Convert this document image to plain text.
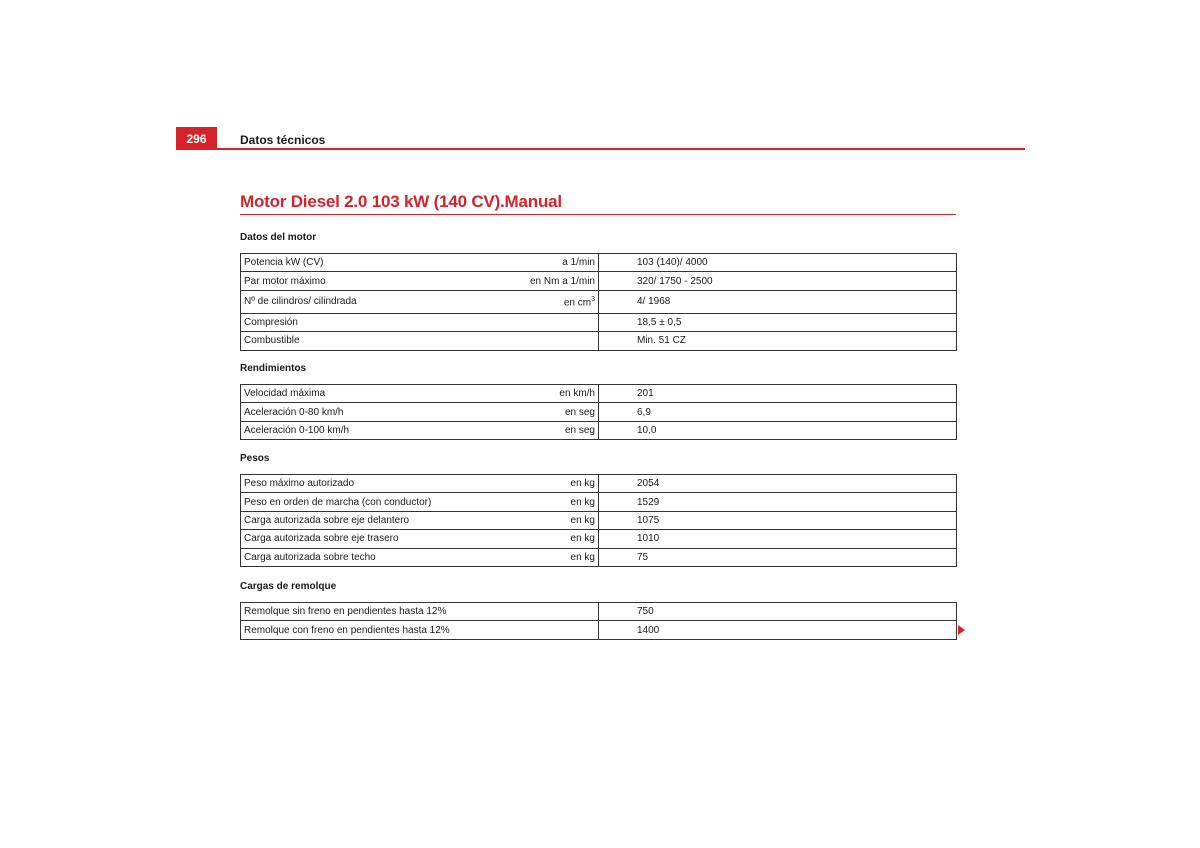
296	Datos técnicos
Motor Diesel 2.0 103 kW (140 CV).Manual
Datos del motor
Potencia kW (CV)	a 1/min	103 (140)/ 4000
Par motor máximo	en Nm a 1/min	320/ 1750 - 2500
Nº de cilindros/ cilindrada	en $cm^3$	4/ 1968
Compresión		18,5 ± 0,5
Combustible		Min. 51 CZ
Rendimientos
Velocidad máxima	en km/h	201
Aceleración 0-80 km/h	en seg	6,9
Aceleración 0-100 km/h	en seg	10,0
Pesos
Peso máximo autorizado	en kg	2054
Peso en orden de marcha (con conductor)	en kg	1529
Carga autorizada sobre eje delantero	en kg	1075
Carga autorizada sobre eje trasero	en kg	1010
Carga autorizada sobre techo	en kg	75
Cargas de remolque
Remolque sin freno en pendientes hasta 12%		750
Remolque con freno en pendientes hasta 12%		1400
